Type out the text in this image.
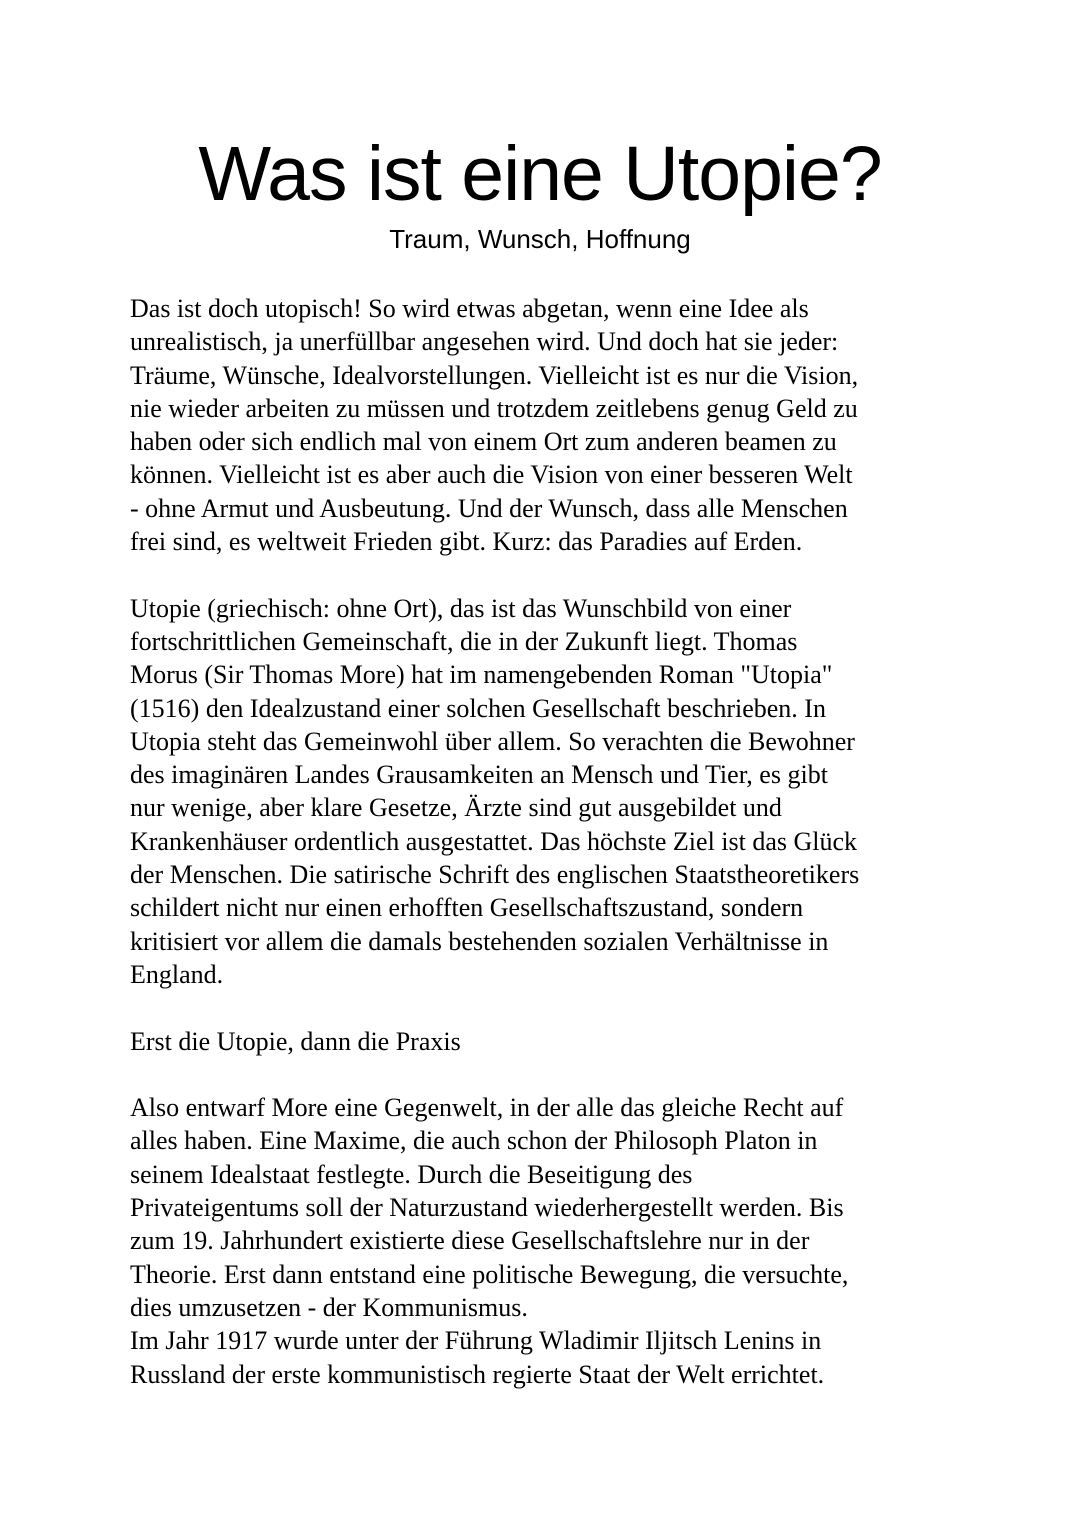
Was ist eine Utopie?
Traum, Wunsch, Hoffnung

Das ist doch utopisch! So wird etwas abgetan, wenn eine Idee als

unrealistisch, ja unerfüllbar angesehen wird. Und doch hat sie jeder:

Träume, Wünsche, Idealvorstellungen. Vielleicht ist es nur die Vision,

nie wieder arbeiten zu müssen und trotzdem zeitlebens genug Geld zu

haben oder sich endlich mal von einem Ort zum anderen beamen zu

können. Vielleicht ist es aber auch die Vision von einer besseren Welt

- ohne Armut und Ausbeutung. Und der Wunsch, dass alle Menschen

frei sind, es weltweit Frieden gibt. Kurz: das Paradies auf Erden.

Utopie (griechisch: ohne Ort), das ist das Wunschbild von einer

fortschrittlichen Gemeinschaft, die in der Zukunft liegt. Thomas

Morus (Sir Thomas More) hat im namengebenden Roman "Utopia"

(1516) den Idealzustand einer solchen Gesellschaft beschrieben. In

Utopia steht das Gemeinwohl über allem. So verachten die Bewohner

des imaginären Landes Grausamkeiten an Mensch und Tier, es gibt

nur wenige, aber klare Gesetze, Ärzte sind gut ausgebildet und

Krankenhäuser ordentlich ausgestattet. Das höchste Ziel ist das Glück

der Menschen. Die satirische Schrift des englischen Staatstheoretikers

schildert nicht nur einen erhofften Gesellschaftszustand, sondern

kritisiert vor allem die damals bestehenden sozialen Verhältnisse in

England.

Erst die Utopie, dann die Praxis

Also entwarf More eine Gegenwelt, in der alle das gleiche Recht auf

alles haben. Eine Maxime, die auch schon der Philosoph Platon in

seinem Idealstaat festlegte. Durch die Beseitigung des

Privateigentums soll der Naturzustand wiederhergestellt werden. Bis

zum 19. Jahrhundert existierte diese Gesellschaftslehre nur in der

Theorie. Erst dann entstand eine politische Bewegung, die versuchte,

dies umzusetzen - der Kommunismus.

Im Jahr 1917 wurde unter der Führung Wladimir Iljitsch Lenins in

Russland der erste kommunistisch regierte Staat der Welt errichtet.
